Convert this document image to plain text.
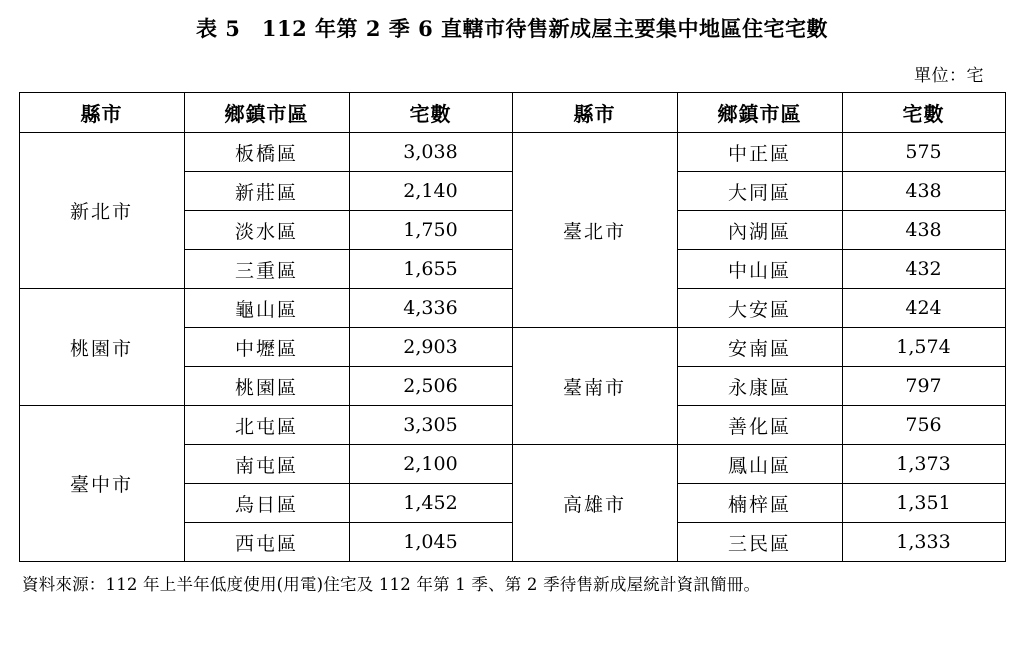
表 5　112 年第 2 季 6 直轄市待售新成屋主要集中地區住宅宅數
單位：宅
縣市	鄉鎮市區	宅數	縣市	鄉鎮市區	宅數
新北市	板橋區	3,038	臺北市	中正區	575
	新莊區	2,140		大同區	438
	淡水區	1,750		內湖區	438
	三重區	1,655		中山區	432
桃園市	龜山區	4,336		大安區	424
	中壢區	2,903	臺南市	安南區	1,574
	桃園區	2,506		永康區	797
臺中市	北屯區	3,305		善化區	756
	南屯區	2,100	高雄市	鳳山區	1,373
	烏日區	1,452		楠梓區	1,351
	西屯區	1,045		三民區	1,333
資料來源：112 年上半年低度使用(用電)住宅及 112 年第 1 季、第 2 季待售新成屋統計資訊簡冊。
